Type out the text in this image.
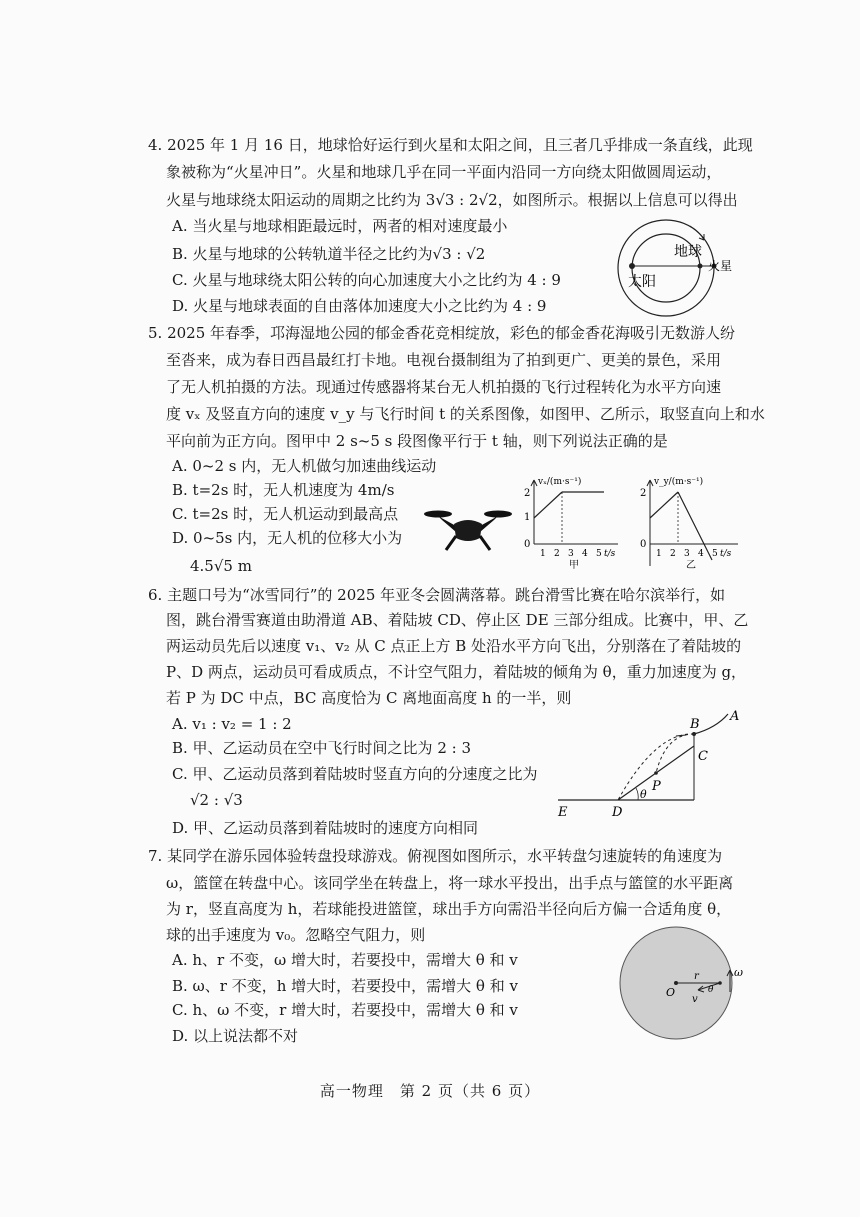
4. 2025 年 1 月 16 日，地球恰好运行到火星和太阳之间，且三者几乎排成一条直线，此现
象被称为“火星冲日”。火星和地球几乎在同一平面内沿同一方向绕太阳做圆周运动，
火星与地球绕太阳运动的周期之比约为 3√3 : 2√2，如图所示。根据以上信息可以得出
A. 当火星与地球相距最远时，两者的相对速度最小
B. 火星与地球的公转轨道半径之比约为√3 : √2
C. 火星与地球绕太阳公转的向心加速度大小之比约为 4 : 9
D. 火星与地球表面的自由落体加速度大小之比约为 4 : 9
地球
太阳
火星
5. 2025 年春季，邛海湿地公园的郁金香花竞相绽放，彩色的郁金香花海吸引无数游人纷
至沓来，成为春日西昌最红打卡地。电视台摄制组为了拍到更广、更美的景色，采用
了无人机拍摄的方法。现通过传感器将某台无人机拍摄的飞行过程转化为水平方向速
度 vₓ 及竖直方向的速度 v_y 与飞行时间 t 的关系图像，如图甲、乙所示，取竖直向上和水
平向前为正方向。图甲中 2 s~5 s 段图像平行于 t 轴，则下列说法正确的是
A. 0~2 s 内，无人机做匀加速曲线运动
B. t=2s 时，无人机速度为 4m/s
C. t=2s 时，无人机运动到最高点
D. 0~5s 内，无人机的位移大小为
4.5√5 m
vₓ/(m·s⁻¹)
2
1
0
1 2 3 4 5 t/s
甲
v_y/(m·s⁻¹)
2
0
1 2 3 4 5 t/s
乙
6. 主题口号为“冰雪同行”的 2025 年亚冬会圆满落幕。跳台滑雪比赛在哈尔滨举行，如
图，跳台滑雪赛道由助滑道 AB、着陆坡 CD、停止区 DE 三部分组成。比赛中，甲、乙
两运动员先后以速度 v₁、v₂ 从 C 点正上方 B 处沿水平方向飞出，分别落在了着陆坡的
P、D 两点，运动员可看成质点，不计空气阻力，着陆坡的倾角为 θ，重力加速度为 g，
若 P 为 DC 中点，BC 高度恰为 C 离地面高度 h 的一半，则
A. v₁ : v₂ = 1 : 2
B. 甲、乙运动员在空中飞行时间之比为 2 : 3
C. 甲、乙运动员落到着陆坡时竖直方向的分速度之比为
√2 : √3
D. 甲、乙运动员落到着陆坡时的速度方向相同
A
B
C
P
D
E
θ
7. 某同学在游乐园体验转盘投球游戏。俯视图如图所示，水平转盘匀速旋转的角速度为
ω，篮筐在转盘中心。该同学坐在转盘上，将一球水平投出，出手点与篮筐的水平距离
为 r，竖直高度为 h，若球能投进篮筐，球出手方向需沿半径向后方偏一合适角度 θ，
球的出手速度为 v₀。忽略空气阻力，则
A. h、r 不变，ω 增大时，若要投中，需增大 θ 和 v
B. ω、r 不变，h 增大时，若要投中，需增大 θ 和 v
C. h、ω 不变，r 增大时，若要投中，需增大 θ 和 v
D. 以上说法都不对
O
r
v
θ
ω
高一物理　第 2 页（共 6 页）
